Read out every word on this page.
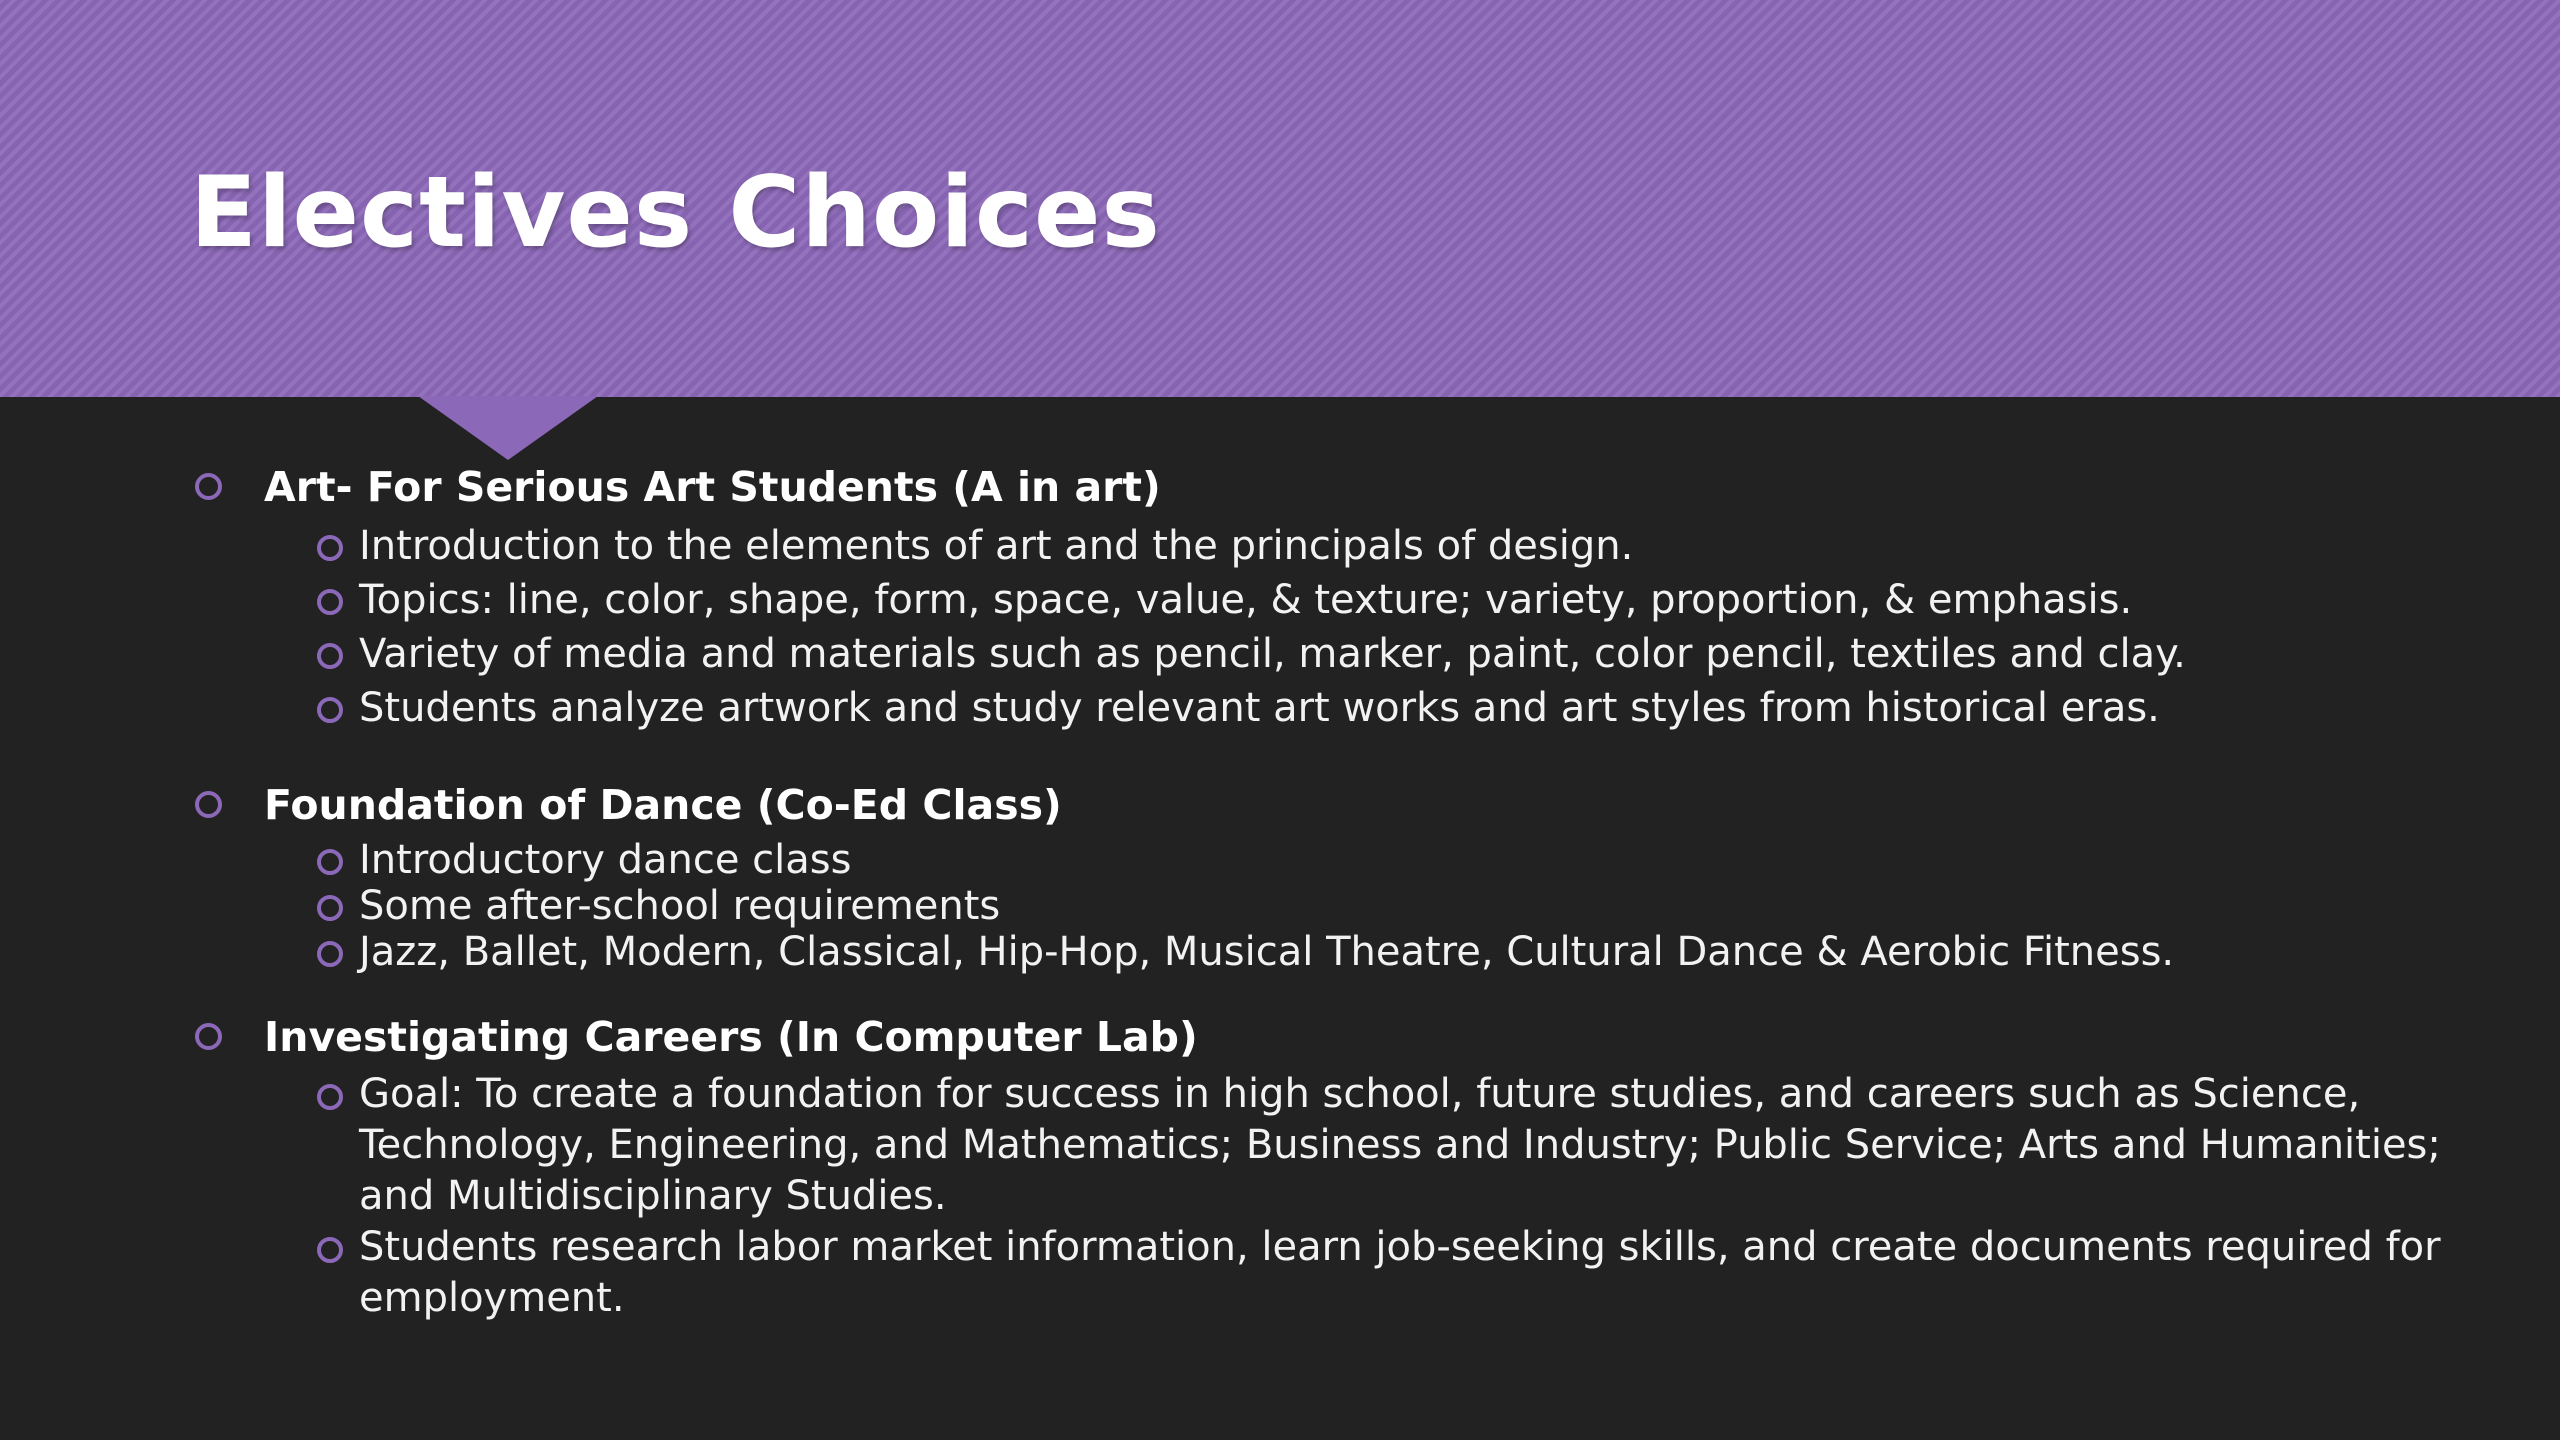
Electives Choices
Art- For Serious Art Students (A in art)
Introduction to the elements of art and the principals of design.
Topics: line, color, shape, form, space, value, & texture; variety, proportion, & emphasis.
Variety of media and materials such as pencil, marker, paint, color pencil, textiles and clay.
Students analyze artwork and study relevant art works and art styles from historical eras.
Foundation of Dance (Co-Ed Class)
Introductory dance class
Some after-school requirements
Jazz, Ballet, Modern, Classical, Hip-Hop, Musical Theatre, Cultural Dance & Aerobic Fitness.
Investigating Careers (In Computer Lab)
Goal: To create a foundation for success in high school, future studies, and careers such as Science, Technology, Engineering, and Mathematics; Business and Industry; Public Service; Arts and Humanities; and Multidisciplinary Studies.
Students research labor market information, learn job-seeking skills, and create documents required for employment.
